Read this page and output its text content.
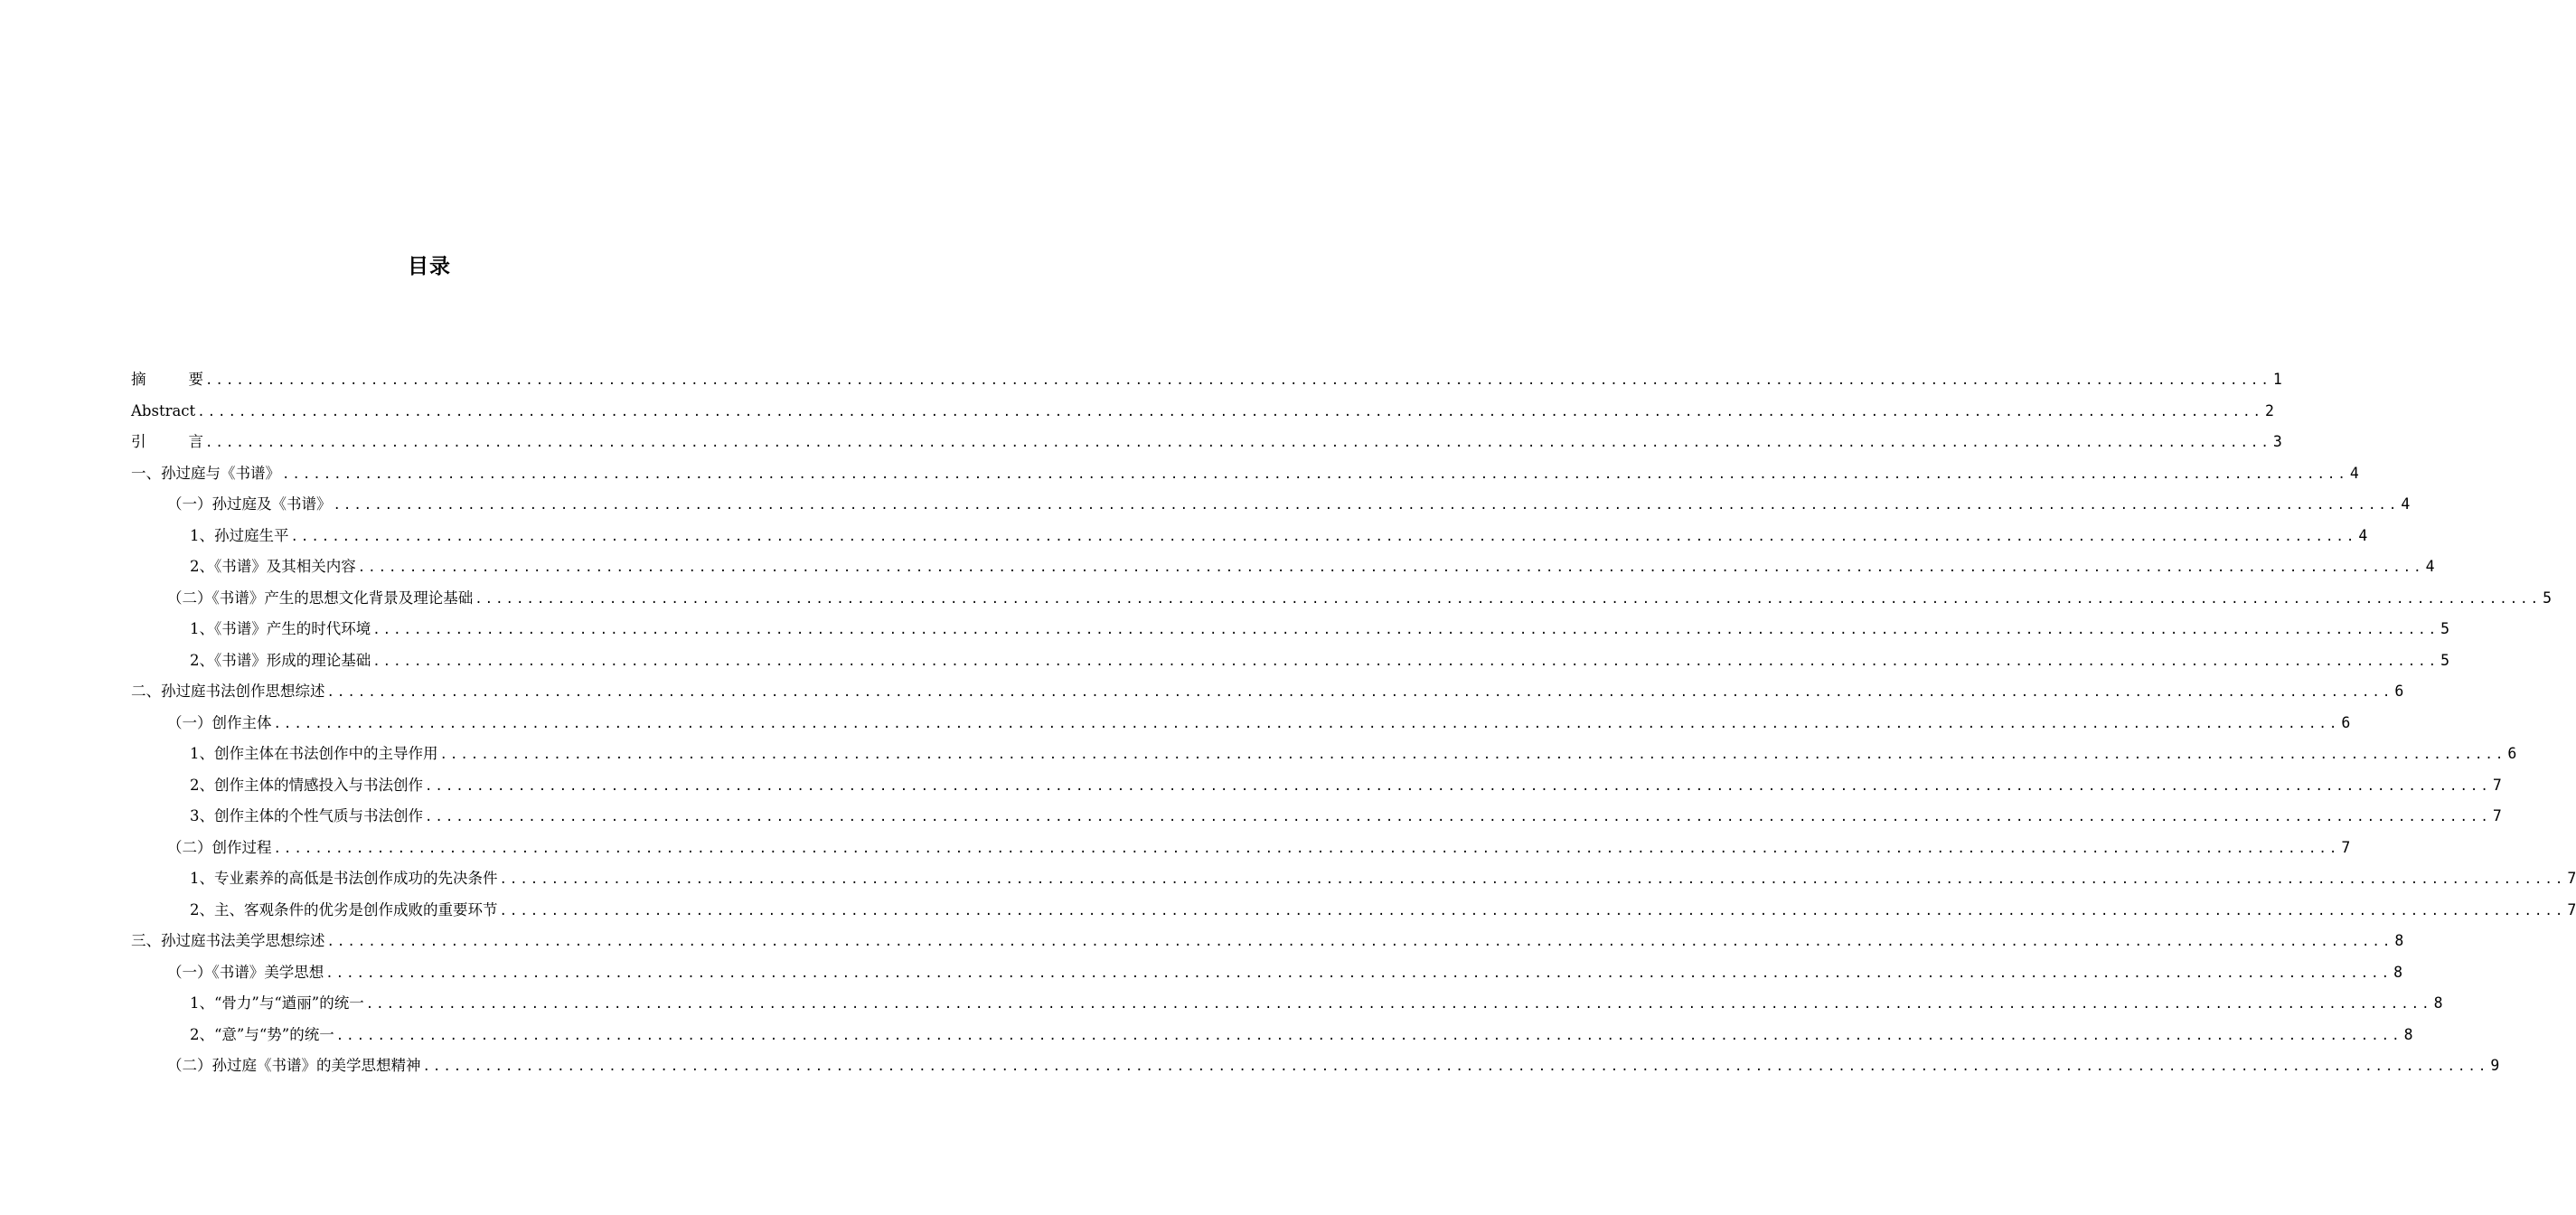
目录
摘 要 ........................................................................................................................................................................................................ 1
Abstract ........................................................................................................................................................................................................ 2
引 言 ........................................................................................................................................................................................................ 3
一、孙过庭与《书谱》 ........................................................................................................................................................................................................ 4
（一）孙过庭及《书谱》 ........................................................................................................................................................................................................ 4
1、孙过庭生平 ........................................................................................................................................................................................................ 4
2、《书谱》及其相关内容 ........................................................................................................................................................................................................ 4
（二）《书谱》产生的思想文化背景及理论基础 ........................................................................................................................................................................................................ 5
1、《书谱》产生的时代环境 ........................................................................................................................................................................................................ 5
2、《书谱》形成的理论基础 ........................................................................................................................................................................................................ 5
二、孙过庭书法创作思想综述 ........................................................................................................................................................................................................ 6
（一）创作主体 ........................................................................................................................................................................................................ 6
1、创作主体在书法创作中的主导作用 ........................................................................................................................................................................................................ 6
2、创作主体的情感投入与书法创作 ........................................................................................................................................................................................................ 7
3、创作主体的个性气质与书法创作 ........................................................................................................................................................................................................ 7
（二）创作过程 ........................................................................................................................................................................................................ 7
1、专业素养的高低是书法创作成功的先决条件 ........................................................................................................................................................................................................ 7
2、主、客观条件的优劣是创作成败的重要环节 ........................................................................................................................................................................................................ 7
三、孙过庭书法美学思想综述 ........................................................................................................................................................................................................ 8
（一）《书谱》美学思想 ........................................................................................................................................................................................................ 8
1、“骨力”与“遒丽”的统一 ........................................................................................................................................................................................................ 8
2、“意”与“势”的统一 ........................................................................................................................................................................................................ 8
（二）孙过庭《书谱》的美学思想精神 ........................................................................................................................................................................................................ 9
